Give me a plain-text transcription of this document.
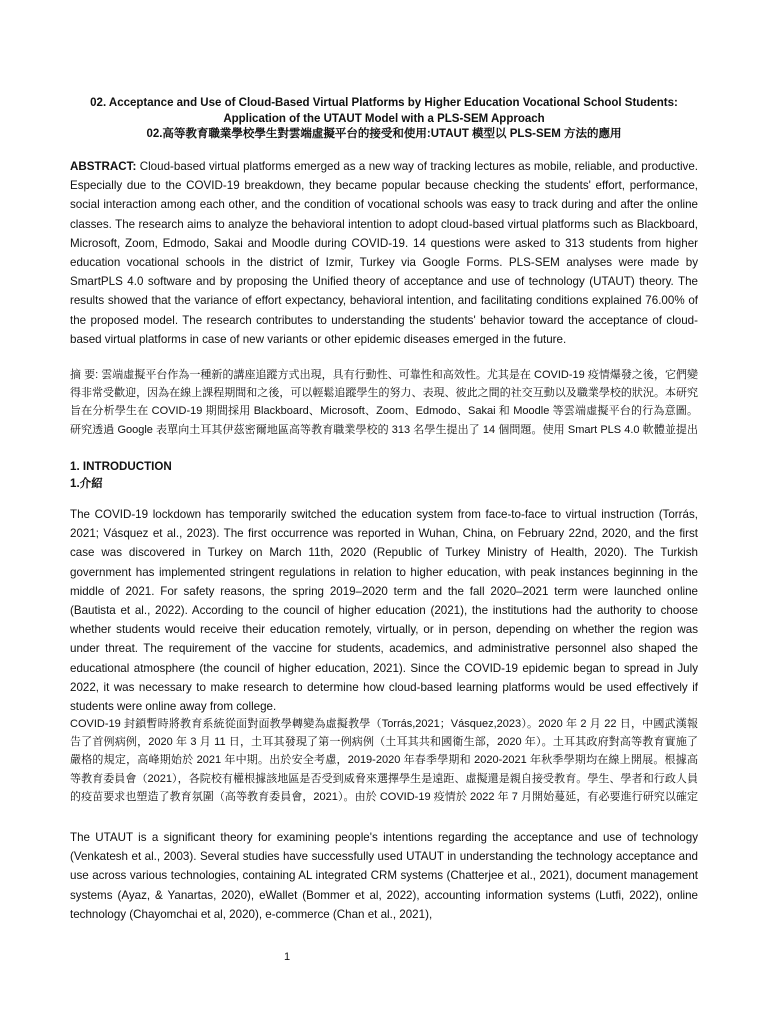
02. Acceptance and Use of Cloud-Based Virtual Platforms by Higher Education Vocational School Students:

Application of the UTAUT Model with a PLS-SEM Approach

02.高等教育職業學校學生對雲端虛擬平台的接受和使用:UTAUT 模型以 PLS-SEM 方法的應用

ABSTRACT: Cloud-based virtual platforms emerged as a new way of tracking lectures as mobile, reliable, and productive. Especially due to the COVID-19 breakdown, they became popular because checking the students' effort, performance, social interaction among each other, and the condition of vocational schools was easy to track during and after the online classes. The research aims to analyze the behavioral intention to adopt cloud-based virtual platforms such as Blackboard, Microsoft, Zoom, Edmodo, Sakai and Moodle during COVID-19. 14 questions were asked to 313 students from higher education vocational schools in the district of Izmir, Turkey via Google Forms. PLS-SEM analyses were made by SmartPLS 4.0 software and by proposing the Unified theory of acceptance and use of technology (UTAUT) theory. The results showed that the variance of effort expectancy, behavioral intention, and facilitating conditions explained 76.00% of the proposed model. The research contributes to understanding the students' behavior toward the acceptance of cloud-based virtual platforms in case of new variants or other epidemic diseases emerged in the future.

摘 要: 雲端虛擬平台作為一種新的講座追蹤方式出現，具有行動性、可靠性和高效性。尤其是在 COVID-19 疫情爆發之後，它們變得非常受歡迎，因為在線上課程期間和之後，可以輕鬆追蹤學生的努力、表現、彼此之間的社交互動以及職業學校的狀況。本研究旨在分析學生在 COVID-19 期間採用 Blackboard、Microsoft、Zoom、Edmodo、Sakai 和 Moodle 等雲端虛擬平台的行為意圖。研究透過 Google 表單向土耳其伊茲密爾地區高等教育職業學校的 313 名學生提出了 14 個問題。使用 Smart PLS 4.0 軟體並提出

1. INTRODUCTION

1.介紹

The COVID-19 lockdown has temporarily switched the education system from face-to-face to virtual instruction (Torrás, 2021; Vásquez et al., 2023). The first occurrence was reported in Wuhan, China, on February 22nd, 2020, and the first case was discovered in Turkey on March 11th, 2020 (Republic of Turkey Ministry of Health, 2020). The Turkish government has implemented stringent regulations in relation to higher education, with peak instances beginning in the middle of 2021. For safety reasons, the spring 2019–2020 term and the fall 2020–2021 term were launched online (Bautista et al., 2022). According to the council of higher education (2021), the institutions had the authority to choose whether students would receive their education remotely, virtually, or in person, depending on whether the region was under threat. The requirement of the vaccine for students, academics, and administrative personnel also shaped the educational atmosphere (the council of higher education, 2021). Since the COVID-19 epidemic began to spread in July 2022, it was necessary to make research to determine how cloud-based learning platforms would be used effectively if students were online away from college.

COVID-19 封鎖暫時將教育系統從面對面教學轉變為虛擬教學（Torrás,2021；Vásquez,2023）。2020 年 2 月 22 日，中國武漢報告了首例病例，2020 年 3 月 11 日，土耳其發現了第一例病例（土耳其共和國衛生部，2020 年）。土耳其政府對高等教育實施了嚴格的規定，高峰期始於 2021 年中期。出於安全考慮，2019-2020 年春季學期和 2020-2021 年秋季學期均在線上開展。根據高等教育委員會（2021），各院校有權根據該地區是否受到威脅來選擇學生是遠距、虛擬還是親自接受教育。學生、學者和行政人員的疫苗要求也塑造了教育氛圍（高等教育委員會，2021）。由於 COVID-19 疫情於 2022 年 7 月開始蔓延，有必要進行研究以確定

The UTAUT is a significant theory for examining people's intentions regarding the acceptance and use of technology (Venkatesh et al., 2003). Several studies have successfully used UTAUT in understanding the technology acceptance and use across various technologies, containing AL integrated CRM systems (Chatterjee et al., 2021), document management systems (Ayaz, & Yanartas, 2020), eWallet (Bommer et al, 2022), accounting information systems (Lutfi, 2022), online technology (Chayomchai et al, 2020), e-commerce (Chan et al., 2021),

1
